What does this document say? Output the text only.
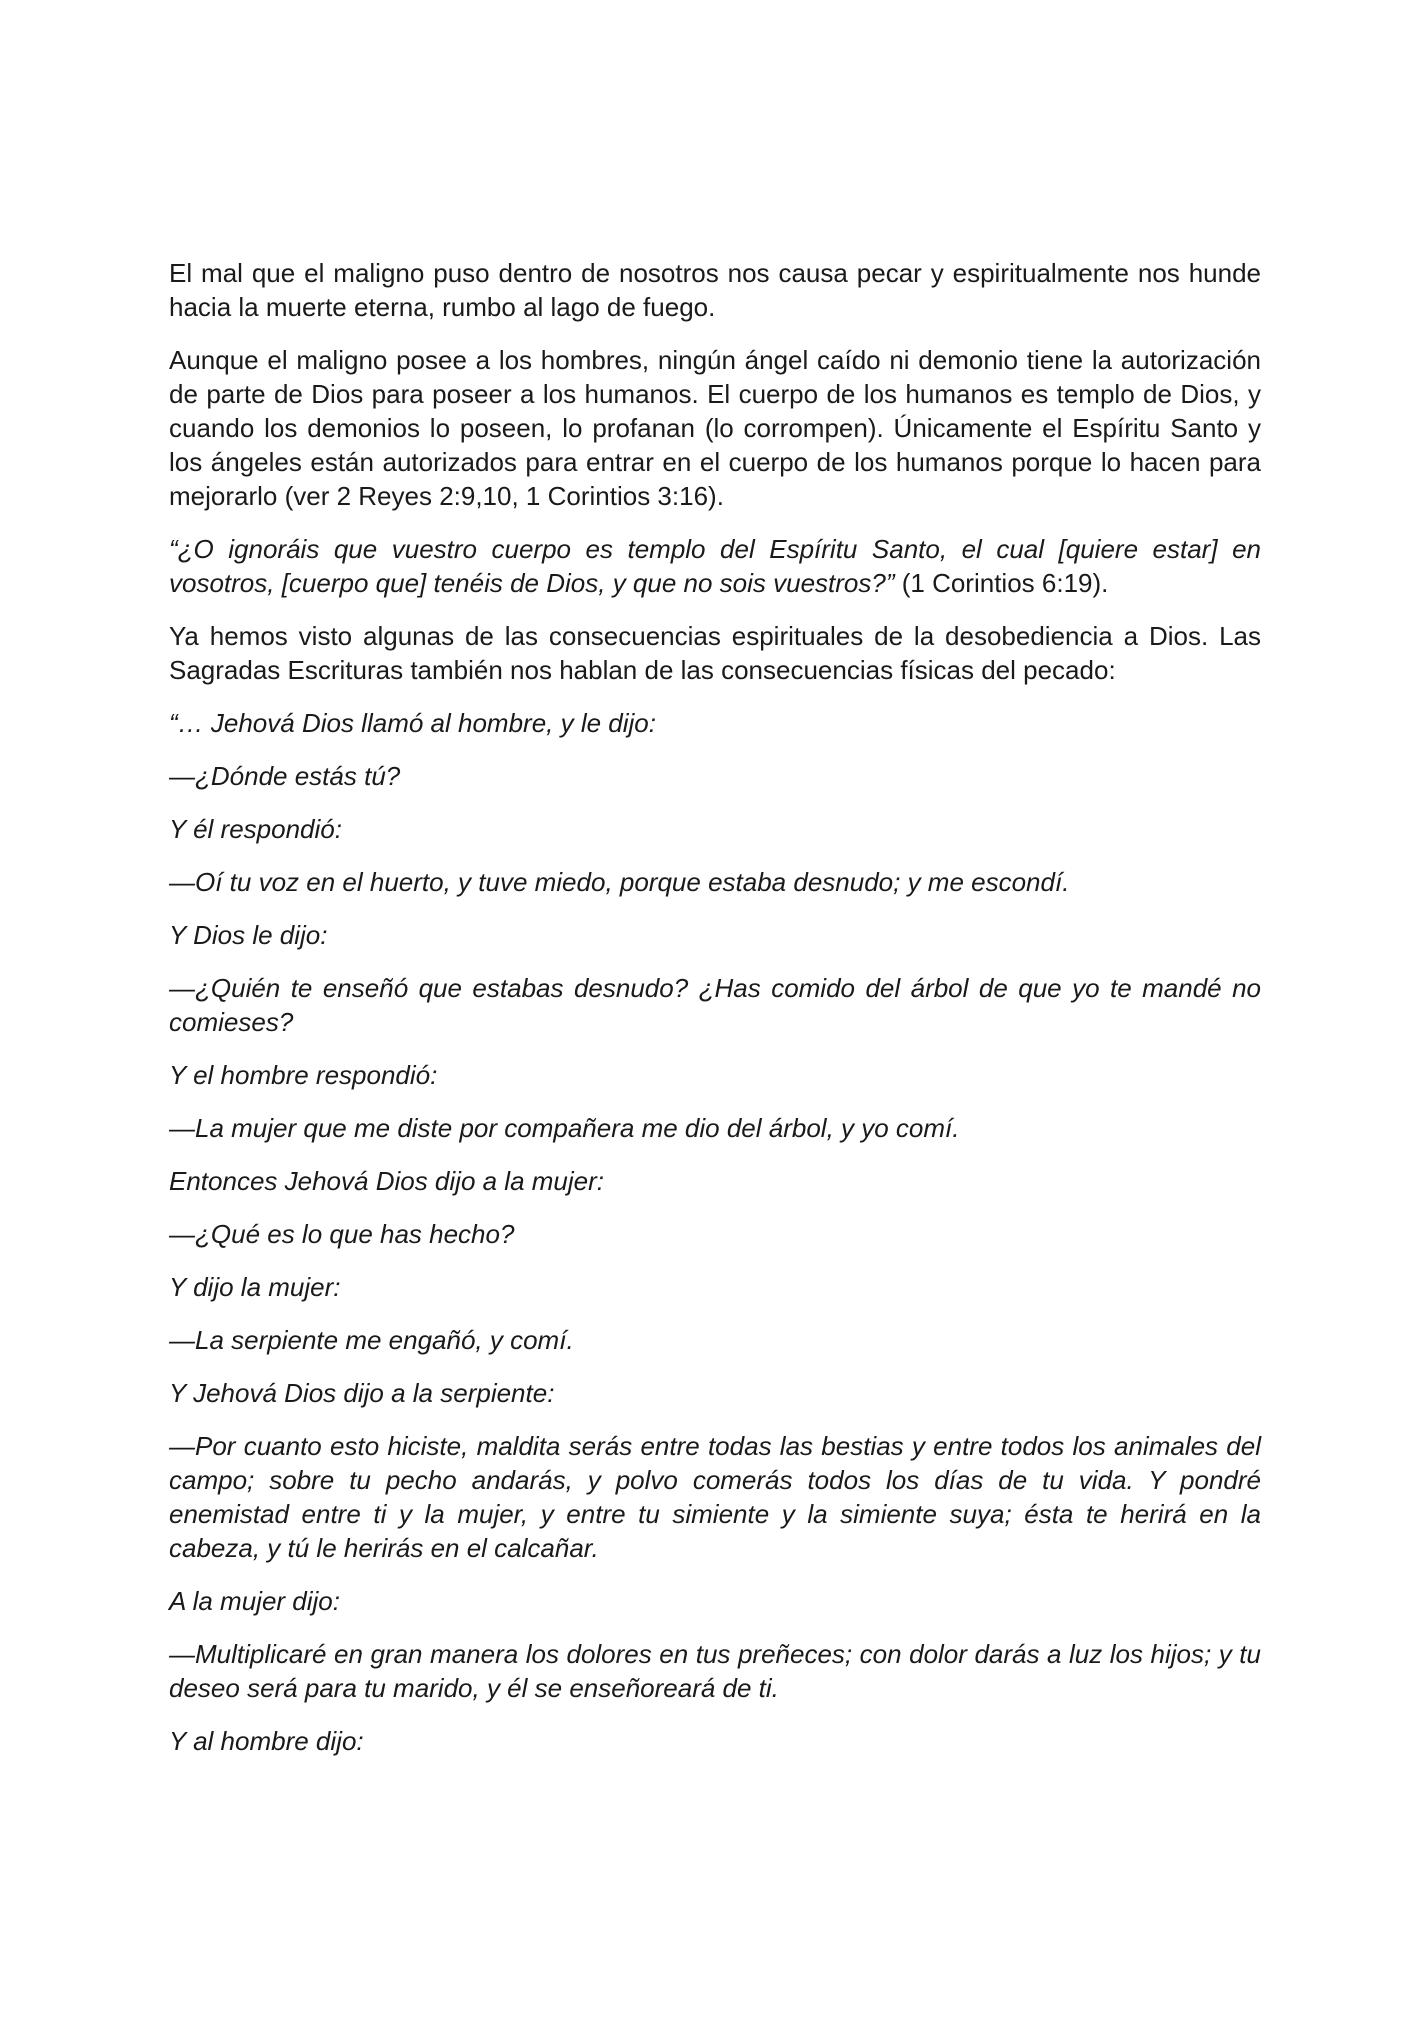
El mal que el maligno puso dentro de nosotros nos causa pecar y espiritualmente nos hunde hacia la muerte eterna, rumbo al lago de fuego.

Aunque el maligno posee a los hombres, ningún ángel caído ni demonio tiene la autorización de parte de Dios para poseer a los humanos. El cuerpo de los humanos es templo de Dios, y cuando los demonios lo poseen, lo profanan (lo corrompen). Únicamente el Espíritu Santo y los ángeles están autorizados para entrar en el cuerpo de los humanos porque lo hacen para mejorarlo (ver 2 Reyes 2:9,10, 1 Corintios 3:16).

“¿O ignoráis que vuestro cuerpo es templo del Espíritu Santo, el cual [quiere estar] en vosotros, [cuerpo que] tenéis de Dios, y que no sois vuestros?” (1 Corintios 6:19).

Ya hemos visto algunas de las consecuencias espirituales de la desobediencia a Dios. Las Sagradas Escrituras también nos hablan de las consecuencias físicas del pecado:

“… Jehová Dios llamó al hombre, y le dijo:

—¿Dónde estás tú?

Y él respondió:

—Oí tu voz en el huerto, y tuve miedo, porque estaba desnudo; y me escondí.

Y Dios le dijo:

—¿Quién te enseñó que estabas desnudo? ¿Has comido del árbol de que yo te mandé no comieses?

Y el hombre respondió:

—La mujer que me diste por compañera me dio del árbol, y yo comí.

Entonces Jehová Dios dijo a la mujer:

—¿Qué es lo que has hecho?

Y dijo la mujer:

—La serpiente me engañó, y comí.

Y Jehová Dios dijo a la serpiente:

—Por cuanto esto hiciste, maldita serás entre todas las bestias y entre todos los animales del campo; sobre tu pecho andarás, y polvo comerás todos los días de tu vida. Y pondré enemistad entre ti y la mujer, y entre tu simiente y la simiente suya; ésta te herirá en la cabeza, y tú le herirás en el calcañar.

A la mujer dijo:

—Multiplicaré en gran manera los dolores en tus preñeces; con dolor darás a luz los hijos; y tu deseo será para tu marido, y él se enseñoreará de ti.

Y al hombre dijo:
